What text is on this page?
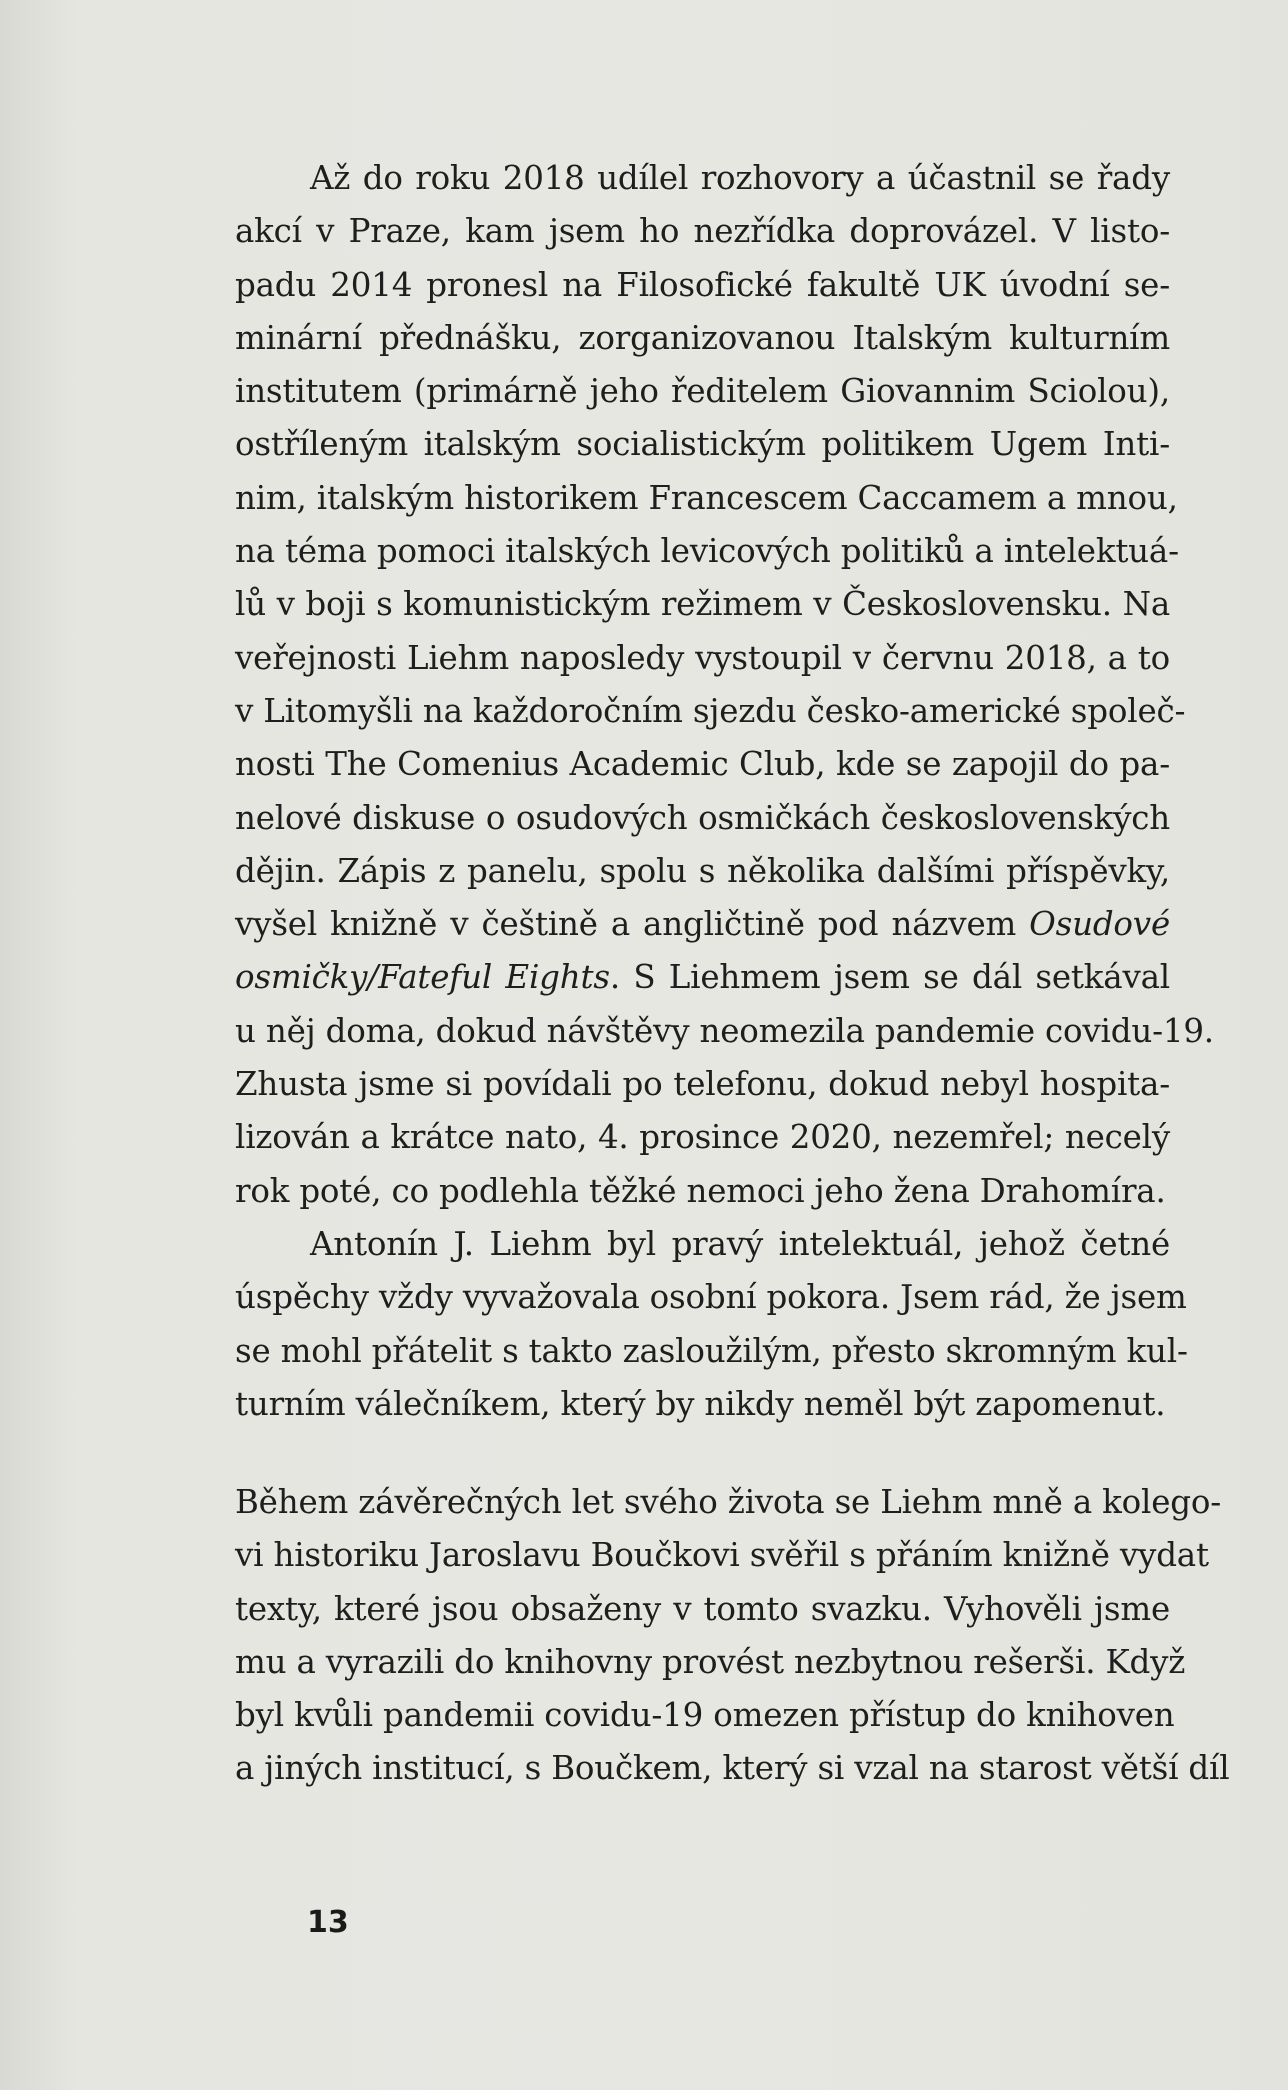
Až do roku 2018 udílel rozhovory a účastnil se řady
akcí v Praze, kam jsem ho nezřídka doprovázel. V listo-
padu 2014 pronesl na Filosofické fakultě UK úvodní se-
minární přednášku, zorganizovanou Italským kulturním
institutem (primárně jeho ředitelem Giovannim Sciolou),
ostříleným italským socialistickým politikem Ugem Inti-
nim, italským historikem Francescem Caccamem a mnou,
na téma pomoci italských levicových politiků a intelektuá-
lů v boji s komunistickým režimem v Československu. Na
veřejnosti Liehm naposledy vystoupil v červnu 2018, a to
v Litomyšli na každoročním sjezdu česko-americké společ-
nosti The Comenius Academic Club, kde se zapojil do pa-
nelové diskuse o osudových osmičkách československých
dějin. Zápis z panelu, spolu s několika dalšími příspěvky,
vyšel knižně v češtině a angličtině pod názvem Osudové
osmičky/Fateful Eights. S Liehmem jsem se dál setkával
u něj doma, dokud návštěvy neomezila pandemie covidu-19.
Zhusta jsme si povídali po telefonu, dokud nebyl hospita-
lizován a krátce nato, 4. prosince 2020, nezemřel; necelý
rok poté, co podlehla těžké nemoci jeho žena Drahomíra.
Antonín J. Liehm byl pravý intelektuál, jehož četné
úspěchy vždy vyvažovala osobní pokora. Jsem rád, že jsem
se mohl přátelit s takto zasloužilým, přesto skromným kul-
turním válečníkem, který by nikdy neměl být zapomenut.
Během závěrečných let svého života se Liehm mně a kolego-
vi historiku Jaroslavu Boučkovi svěřil s přáním knižně vydat
texty, které jsou obsaženy v tomto svazku. Vyhověli jsme
mu a vyrazili do knihovny provést nezbytnou rešerši. Když
byl kvůli pandemii covidu-19 omezen přístup do knihoven
a jiných institucí, s Boučkem, který si vzal na starost větší díl
13
